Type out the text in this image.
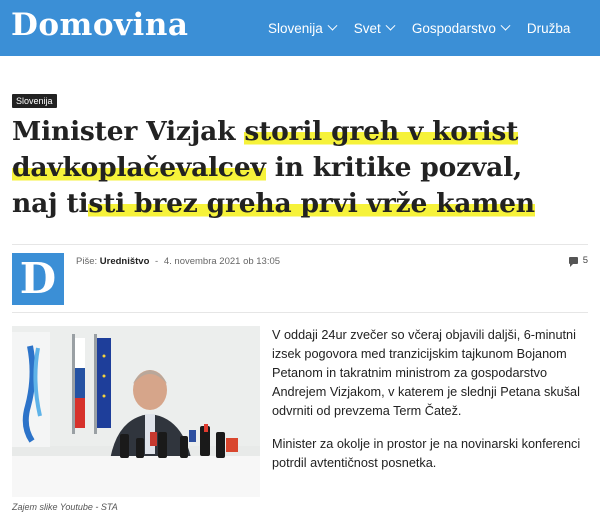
Domovina	Slovenija Svet Gospodarstvo Družba
Slovenija
Minister Vizjak storil greh v korist
davkoplačevalcev in kritike pozval,
naj tisti brez greha prvi vrže kamen
D Piše: Uredništvo - 4. novembra 2021 ob 13:05	5
Zajem slike Youtube - STA

V oddaji 24ur zvečer so včeraj objavili daljši, 6-minutni izsek pogovora med tranzicijskim tajkunom Bojanom Petanom in takratnim ministrom za gospodarstvo Andrejem Vizjakom, v katerem je slednji Petana skušal odvrniti od prevzema Term Čatež.

Minister za okolje in prostor je na novinarski konferenci potrdil avtentičnost posnetka.
